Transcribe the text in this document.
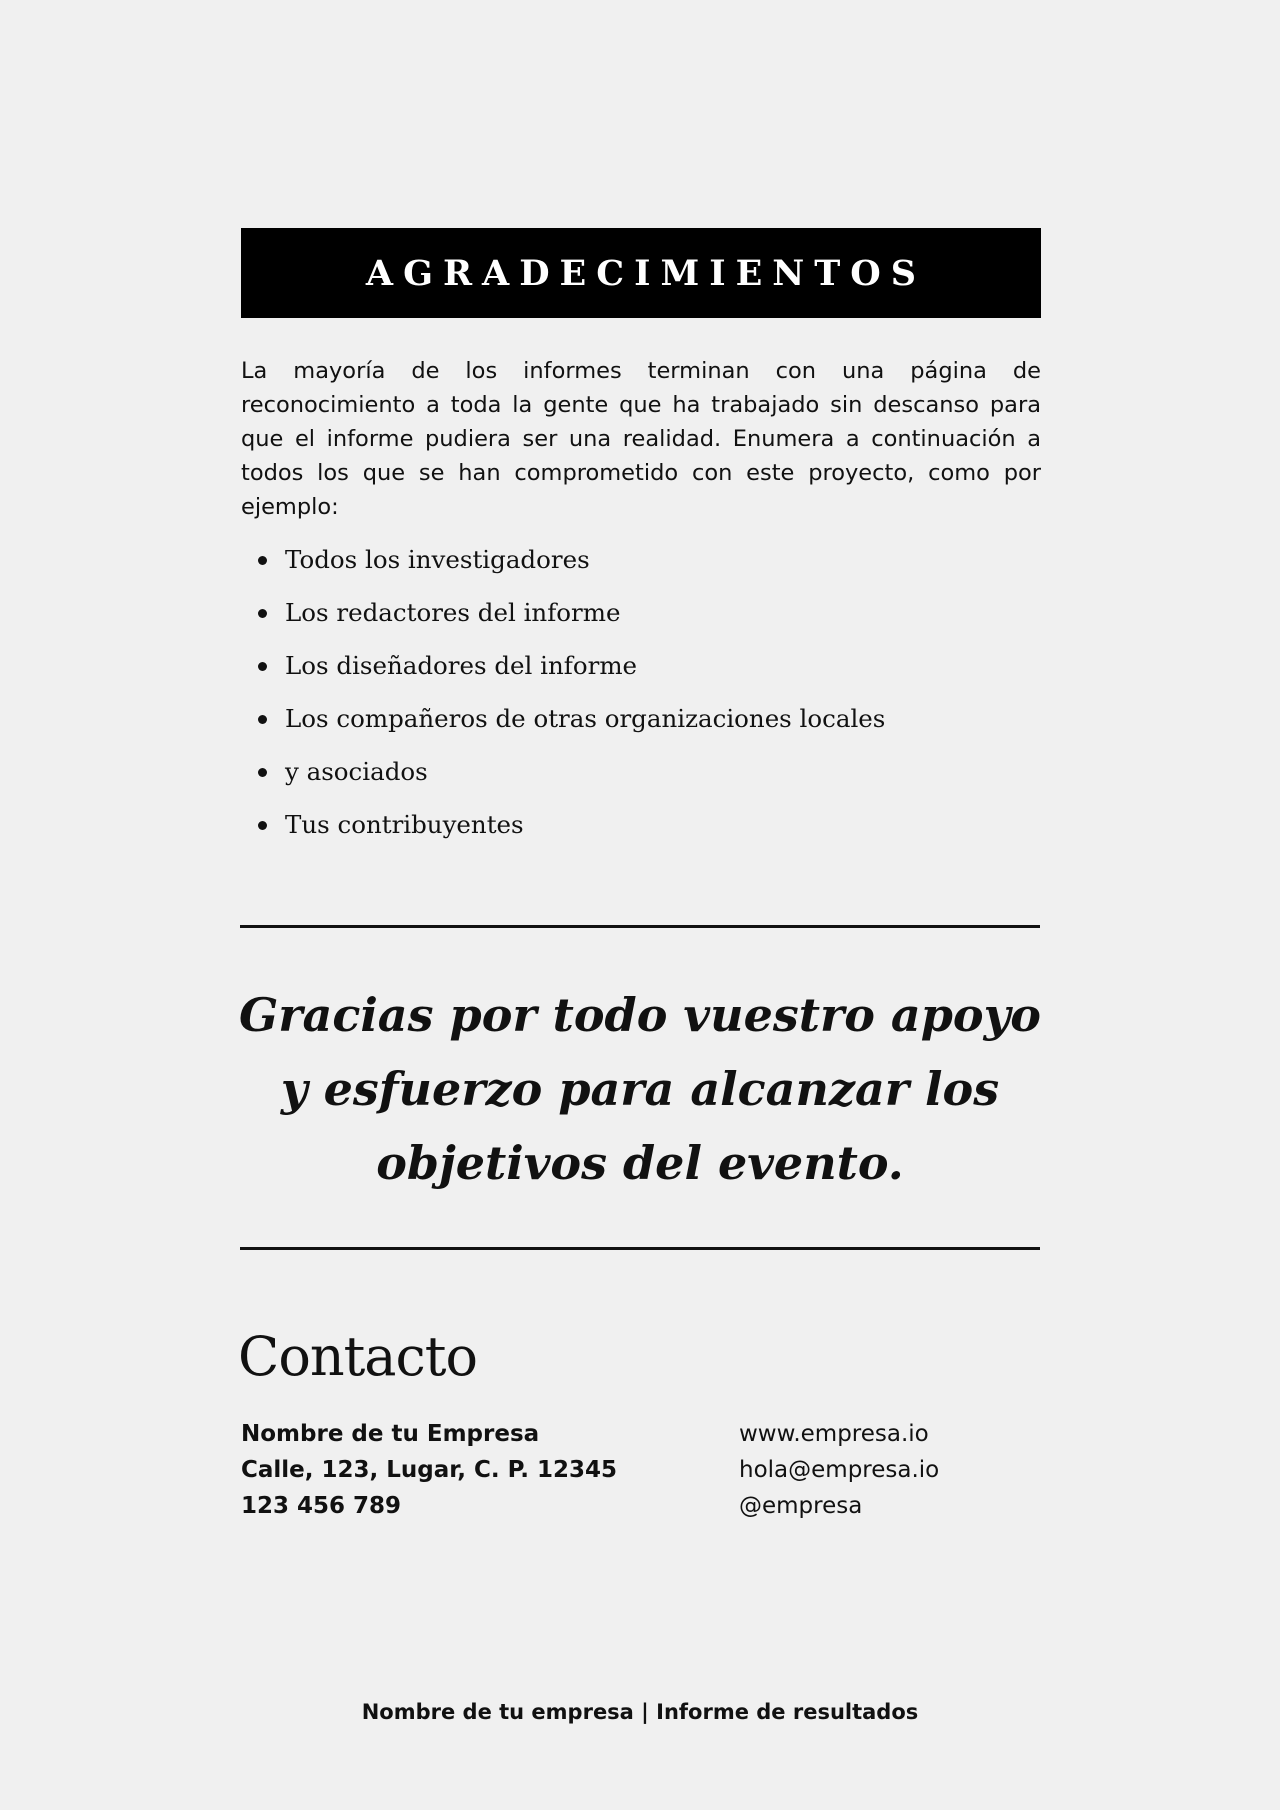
AGRADECIMIENTOS

La mayoría de los informes terminan con una página de reconocimiento a toda la gente que ha trabajado sin descanso para que el informe pudiera ser una realidad. Enumera a continuación a todos los que se han comprometido con este proyecto, como por ejemplo:

Todos los investigadores
Los redactores del informe
Los diseñadores del informe
Los compañeros de otras organizaciones locales
y asociados
Tus contribuyentes

Gracias por todo vuestro apoyo
y esfuerzo para alcanzar los
objetivos del evento.

Contacto
Nombre de tu Empresa
Calle, 123, Lugar, C. P. 12345
123 456 789
www.empresa.io
hola@empresa.io
@empresa
Nombre de tu empresa | Informe de resultados
